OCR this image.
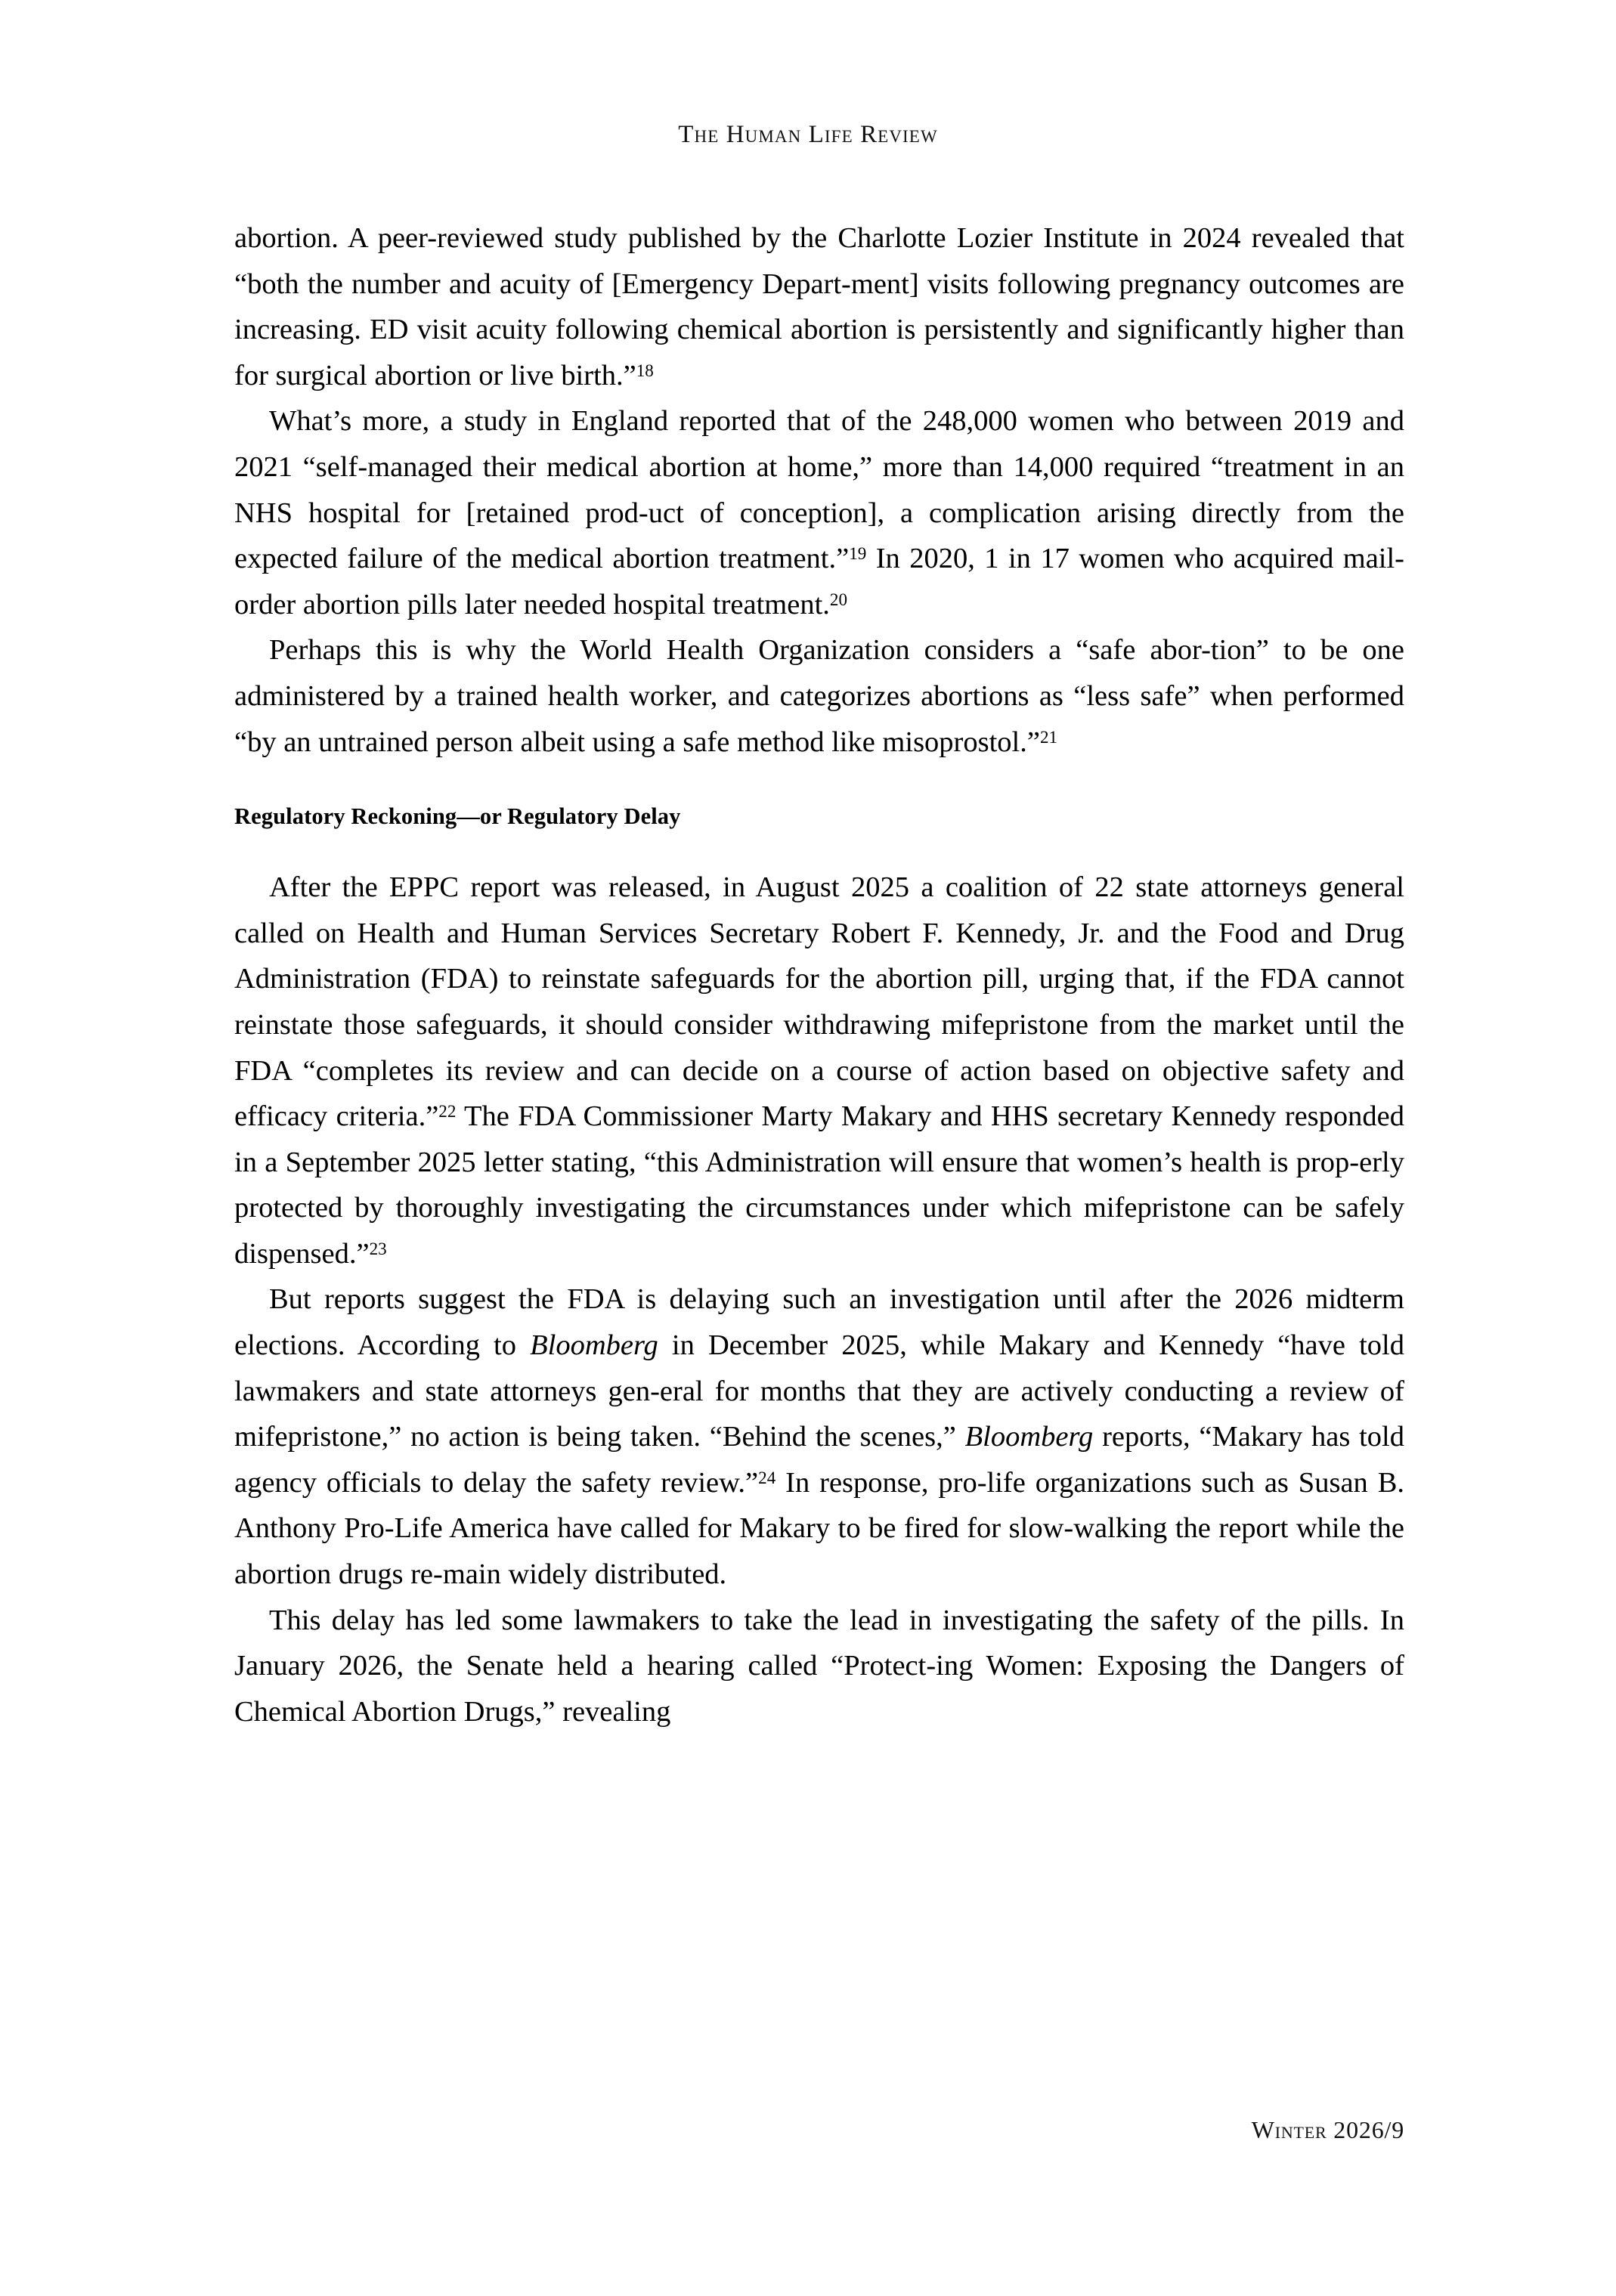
The Human Life Review

abortion. A peer-reviewed study published by the Charlotte Lozier Institute in 2024 revealed that “both the number and acuity of [Emergency Depart-ment] visits following pregnancy outcomes are increasing. ED visit acuity following chemical abortion is persistently and significantly higher than for surgical abortion or live birth.”$^{18}$

What’s more, a study in England reported that of the 248,000 women who between 2019 and 2021 “self-managed their medical abortion at home,” more than 14,000 required “treatment in an NHS hospital for [retained prod-uct of conception], a complication arising directly from the expected failure of the medical abortion treatment.”$^{19}$ In 2020, 1 in 17 women who acquired mail-order abortion pills later needed hospital treatment.$^{20}$

Perhaps this is why the World Health Organization considers a “safe abor-tion” to be one administered by a trained health worker, and categorizes abortions as “less safe” when performed “by an untrained person albeit using a safe method like misoprostol.”$^{21}$

Regulatory Reckoning—or Regulatory Delay

After the EPPC report was released, in August 2025 a coalition of 22 state attorneys general called on Health and Human Services Secretary Robert F. Kennedy, Jr. and the Food and Drug Administration (FDA) to reinstate safeguards for the abortion pill, urging that, if the FDA cannot reinstate those safeguards, it should consider withdrawing mifepristone from the market until the FDA “completes its review and can decide on a course of action based on objective safety and efficacy criteria.”$^{22}$ The FDA Commissioner Marty Makary and HHS secretary Kennedy responded in a September 2025 letter stating, “this Administration will ensure that women’s health is prop-erly protected by thoroughly investigating the circumstances under which mifepristone can be safely dispensed.”$^{23}$

But reports suggest the FDA is delaying such an investigation until after the 2026 midterm elections. According to Bloomberg in December 2025, while Makary and Kennedy “have told lawmakers and state attorneys gen-eral for months that they are actively conducting a review of mifepristone,” no action is being taken. “Behind the scenes,” Bloomberg reports, “Makary has told agency officials to delay the safety review.”$^{24}$ In response, pro-life organizations such as Susan B. Anthony Pro-Life America have called for Makary to be fired for slow-walking the report while the abortion drugs re-main widely distributed.

This delay has led some lawmakers to take the lead in investigating the safety of the pills. In January 2026, the Senate held a hearing called “Protect-ing Women: Exposing the Dangers of Chemical Abortion Drugs,” revealing

Winter 2026/9
